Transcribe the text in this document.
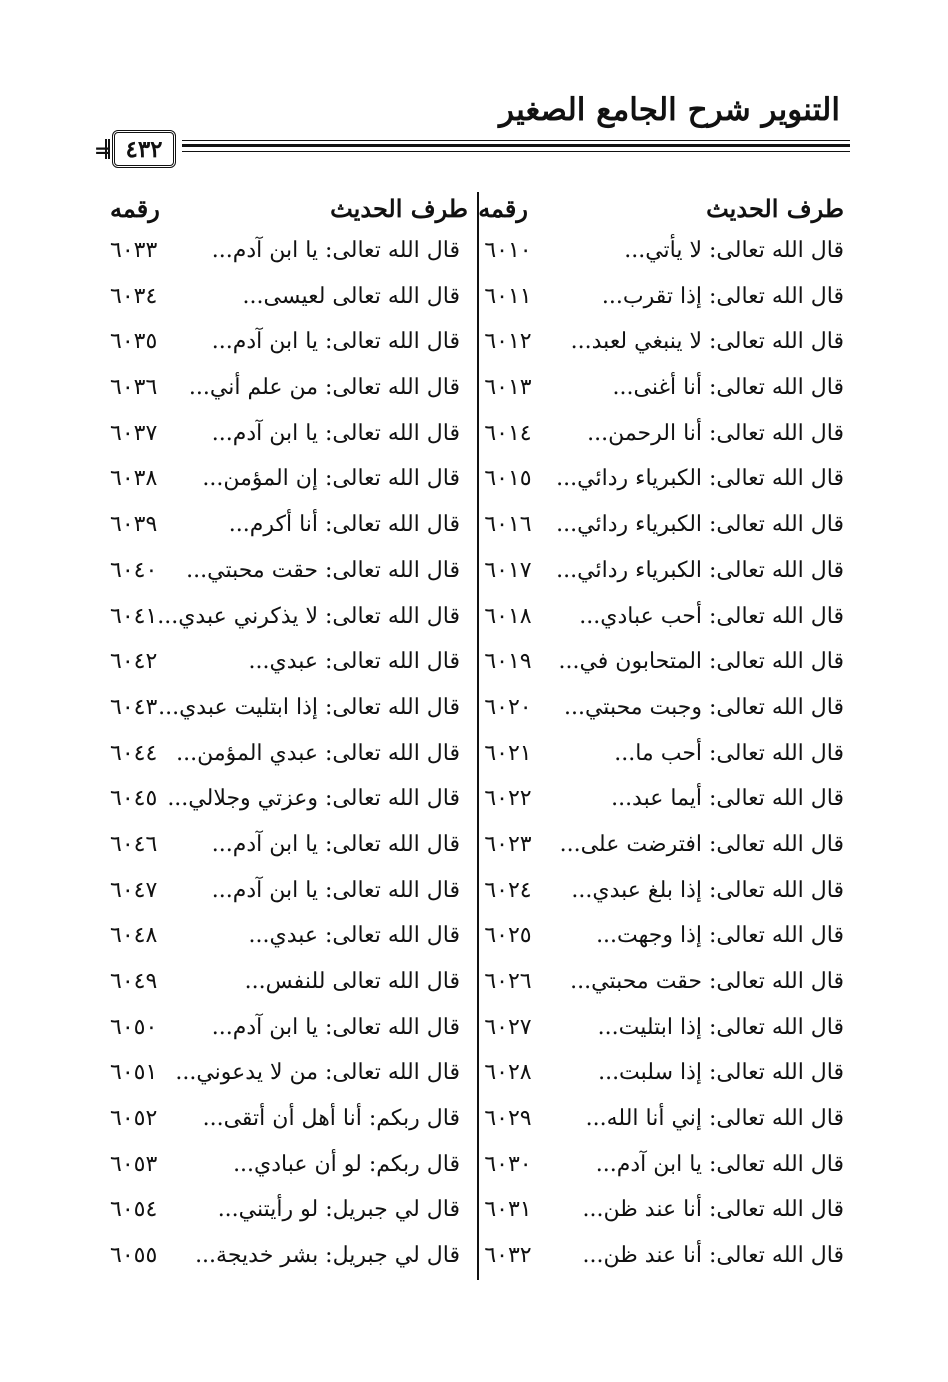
التنوير شرح الجامع الصغير
= ٤٣٢
طرف الحديث
رقمه
طرف الحديث
رقمه
قال الله تعالى: لا يأتي...
٦٠١٠
قال الله تعالى: يا ابن آدم...
٦٠٣٣
قال الله تعالى: إذا تقرب...
٦٠١١
قال الله تعالى لعيسى...
٦٠٣٤
قال الله تعالى: لا ينبغي لعبد...
٦٠١٢
قال الله تعالى: يا ابن آدم...
٦٠٣٥
قال الله تعالى: أنا أغنى...
٦٠١٣
قال الله تعالى: من علم أني...
٦٠٣٦
قال الله تعالى: أنا الرحمن...
٦٠١٤
قال الله تعالى: يا ابن آدم...
٦٠٣٧
قال الله تعالى: الكبرياء ردائي...
٦٠١٥
قال الله تعالى: إن المؤمن...
٦٠٣٨
قال الله تعالى: الكبرياء ردائي...
٦٠١٦
قال الله تعالى: أنا أكرم...
٦٠٣٩
قال الله تعالى: الكبرياء ردائي...
٦٠١٧
قال الله تعالى: حقت محبتي...
٦٠٤٠
قال الله تعالى: أحب عبادي...
٦٠١٨
قال الله تعالى: لا يذكرني عبدي...
٦٠٤١
قال الله تعالى: المتحابون في...
٦٠١٩
قال الله تعالى: عبدي...
٦٠٤٢
قال الله تعالى: وجبت محبتي...
٦٠٢٠
قال الله تعالى: إذا ابتليت عبدي...
٦٠٤٣
قال الله تعالى: أحب ما...
٦٠٢١
قال الله تعالى: عبدي المؤمن...
٦٠٤٤
قال الله تعالى: أيما عبد...
٦٠٢٢
قال الله تعالى: وعزتي وجلالي...
٦٠٤٥
قال الله تعالى: افترضت على...
٦٠٢٣
قال الله تعالى: يا ابن آدم...
٦٠٤٦
قال الله تعالى: إذا بلغ عبدي...
٦٠٢٤
قال الله تعالى: يا ابن آدم...
٦٠٤٧
قال الله تعالى: إذا وجهت...
٦٠٢٥
قال الله تعالى: عبدي...
٦٠٤٨
قال الله تعالى: حقت محبتي...
٦٠٢٦
قال الله تعالى للنفس...
٦٠٤٩
قال الله تعالى: إذا ابتليت...
٦٠٢٧
قال الله تعالى: يا ابن آدم...
٦٠٥٠
قال الله تعالى: إذا سلبت...
٦٠٢٨
قال الله تعالى: من لا يدعوني...
٦٠٥١
قال الله تعالى: إني أنا الله...
٦٠٢٩
قال ربكم: أنا أهل أن أتقى...
٦٠٥٢
قال الله تعالى: يا ابن آدم...
٦٠٣٠
قال ربكم: لو أن عبادي...
٦٠٥٣
قال الله تعالى: أنا عند ظن...
٦٠٣١
قال لي جبريل: لو رأيتني...
٦٠٥٤
قال الله تعالى: أنا عند ظن...
٦٠٣٢
قال لي جبريل: بشر خديجة...
٦٠٥٥
